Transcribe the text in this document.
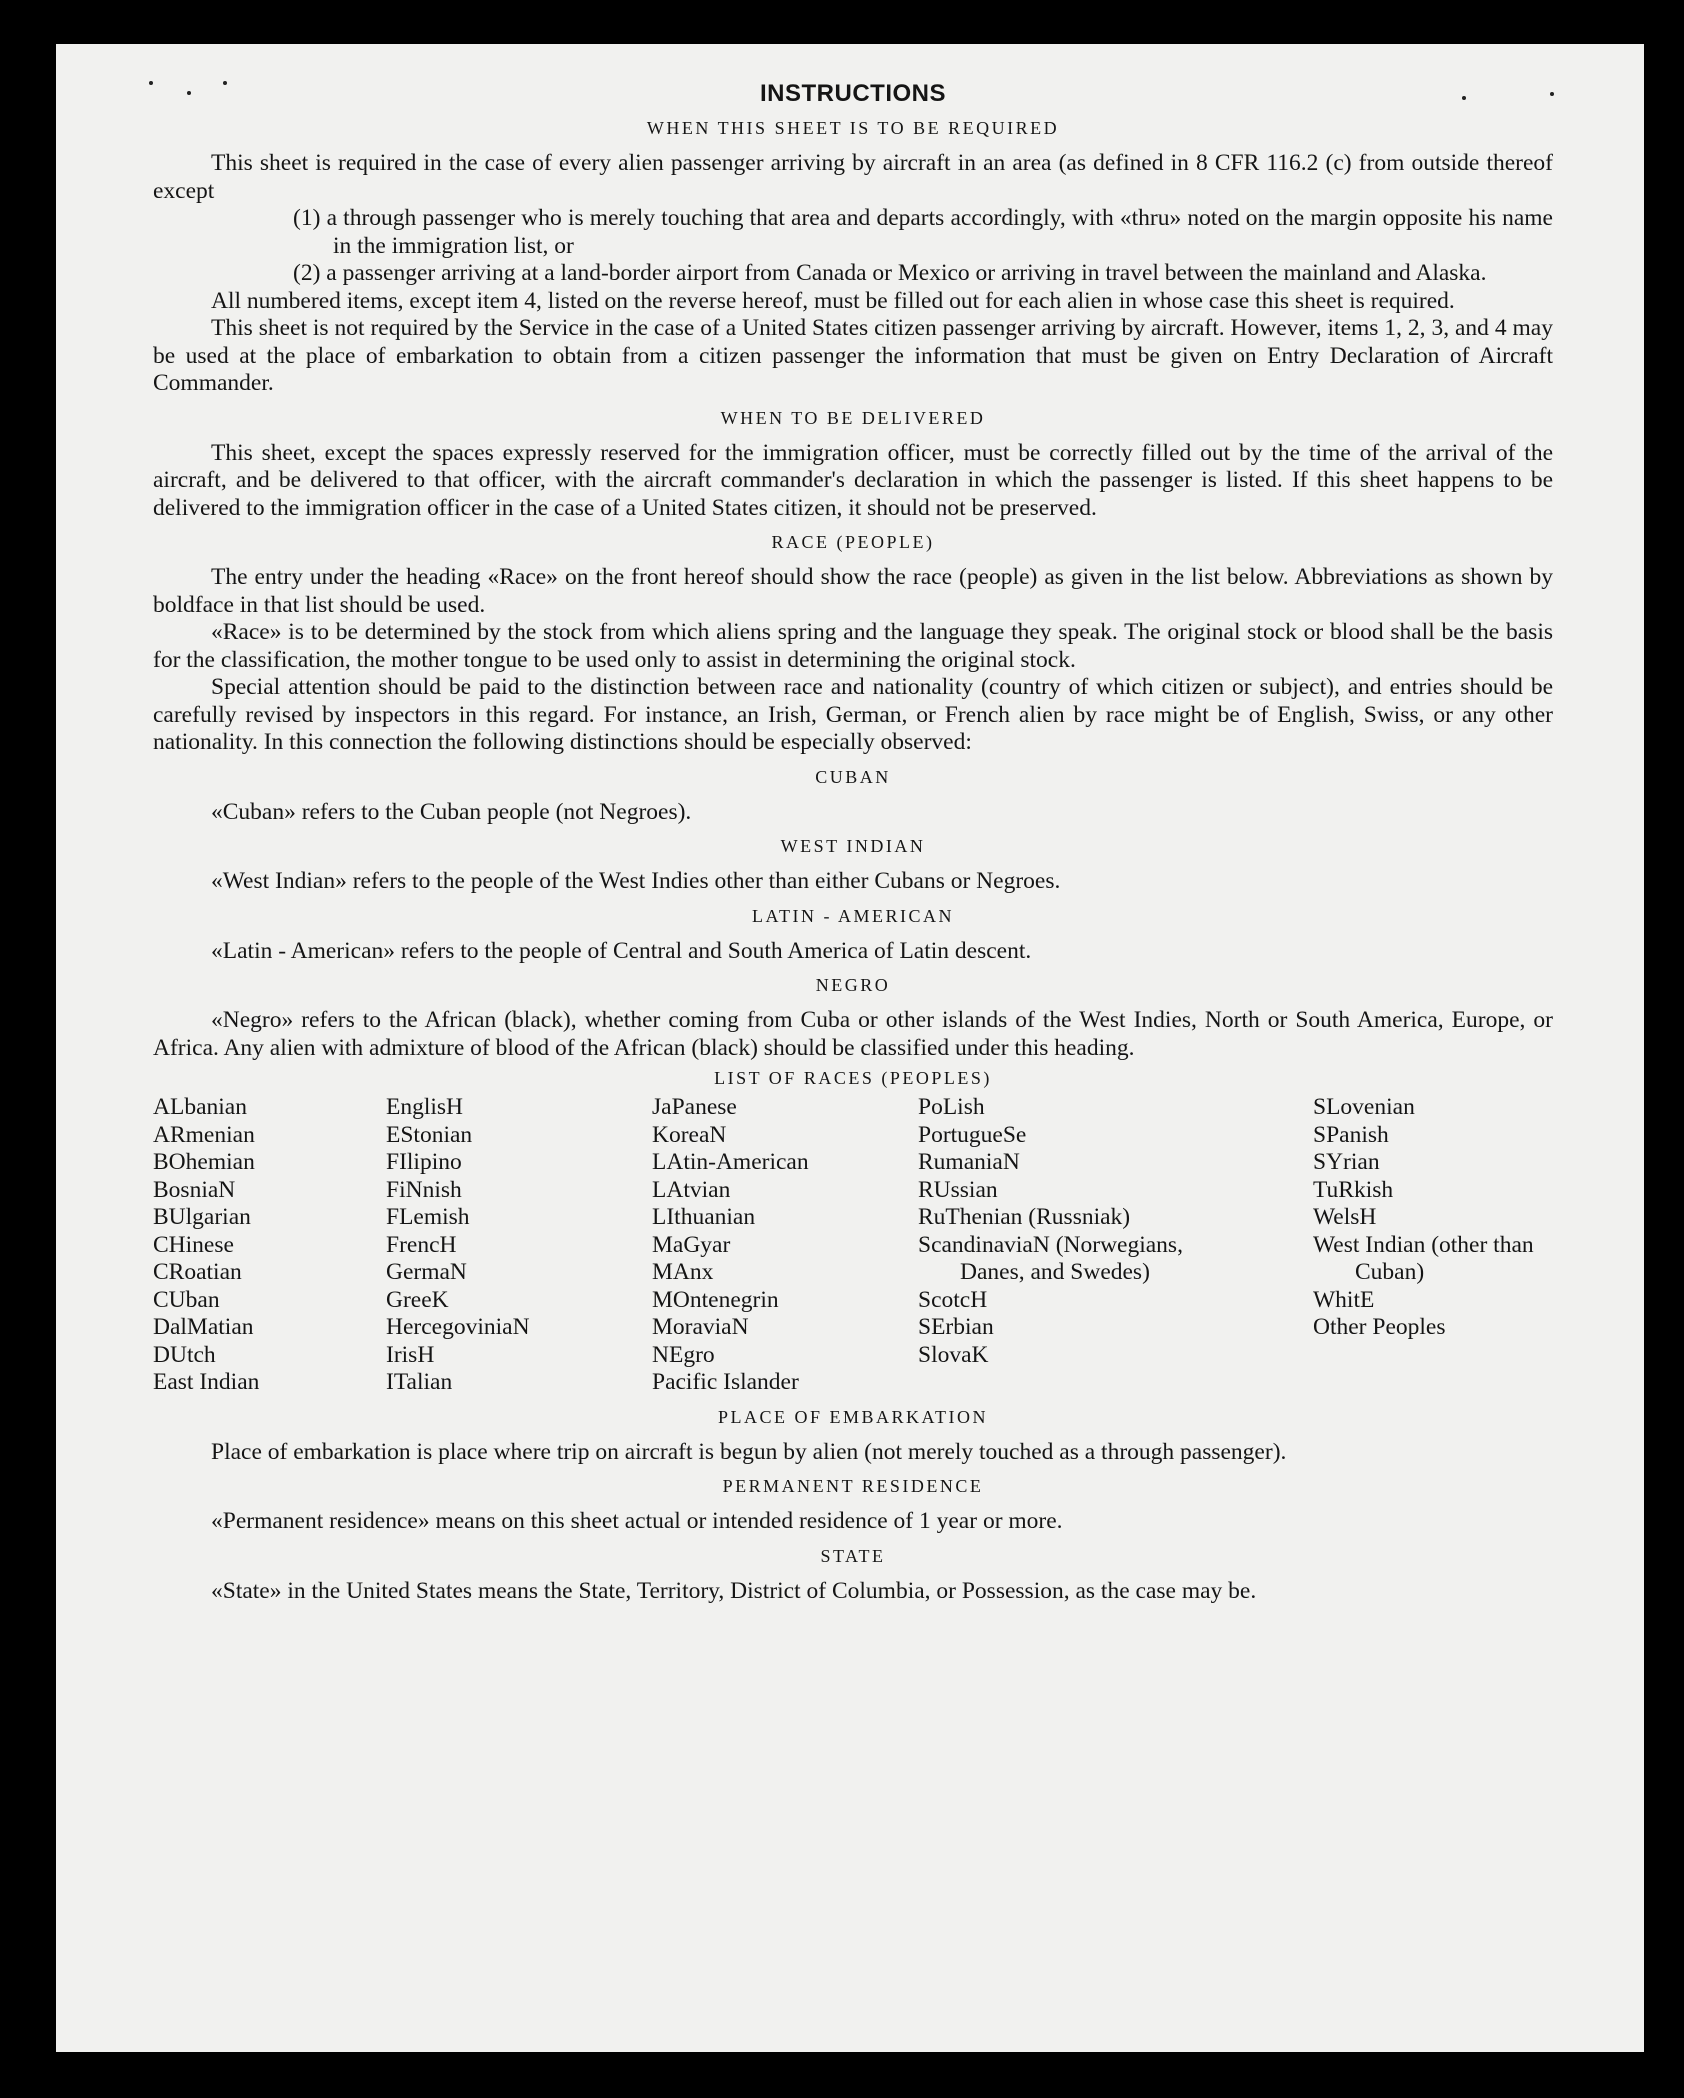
INSTRUCTIONS
WHEN THIS SHEET IS TO BE REQUIRED

This sheet is required in the case of every alien passenger arriving by aircraft in an area (as defined in 8 CFR 116.2 (c) from outside thereof except

(1) a through passenger who is merely touching that area and departs accordingly, with «thru» noted on the margin opposite his name in the immigration list, or

(2) a passenger arriving at a land-border airport from Canada or Mexico or arriving in travel between the mainland and Alaska.

All numbered items, except item 4, listed on the reverse hereof, must be filled out for each alien in whose case this sheet is required.

This sheet is not required by the Service in the case of a United States citizen passenger arriving by aircraft. However, items 1, 2, 3, and 4 may be used at the place of embarkation to obtain from a citizen passenger the information that must be given on Entry Declaration of Aircraft Commander.

WHEN TO BE DELIVERED

This sheet, except the spaces expressly reserved for the immigration officer, must be correctly filled out by the time of the arrival of the aircraft, and be delivered to that officer, with the aircraft commander's declaration in which the passenger is listed. If this sheet happens to be delivered to the immigration officer in the case of a United States citizen, it should not be preserved.

RACE (PEOPLE)

The entry under the heading «Race» on the front hereof should show the race (people) as given in the list below. Abbreviations as shown by boldface in that list should be used.

«Race» is to be determined by the stock from which aliens spring and the language they speak. The original stock or blood shall be the basis for the classification, the mother tongue to be used only to assist in determining the original stock.

Special attention should be paid to the distinction between race and nationality (country of which citizen or subject), and entries should be carefully revised by inspectors in this regard. For instance, an Irish, German, or French alien by race might be of English, Swiss, or any other nationality. In this connection the following distinctions should be especially observed:

CUBAN

«Cuban» refers to the Cuban people (not Negroes).

WEST INDIAN

«West Indian» refers to the people of the West Indies other than either Cubans or Negroes.

LATIN - AMERICAN

«Latin - American» refers to the people of Central and South America of Latin descent.

NEGRO

«Negro» refers to the African (black), whether coming from Cuba or other islands of the West Indies, North or South America, Europe, or Africa. Any alien with admixture of blood of the African (black) should be classified under this heading.

LIST OF RACES (PEOPLES)
ALbanian
ARmenian
BOhemian
BosniaN
BUlgarian
CHinese
CRoatian
CUban
DalMatian
DUtch
East Indian
EnglisH
EStonian
FIlipino
FiNnish
FLemish
FrencH
GermaN
GreeK
HercegoviniaN
IrisH
ITalian
JaPanese
KoreaN
LAtin-American
LAtvian
LIthuanian
MaGyar
MAnx
MOntenegrin
MoraviaN
NEgro
Pacific Islander
PoLish
PortugueSe
RumaniaN
RUssian
RuThenian (Russniak)
ScandinaviaN (Norwegians, Danes, and Swedes)
ScotcH
SErbian
SlovaK
SLovenian
SPanish
SYrian
TuRkish
WelsH
West Indian (other than Cuban)
WhitE
Other Peoples
PLACE OF EMBARKATION

Place of embarkation is place where trip on aircraft is begun by alien (not merely touched as a through passenger).

PERMANENT RESIDENCE

«Permanent residence» means on this sheet actual or intended residence of 1 year or more.

STATE

«State» in the United States means the State, Territory, District of Columbia, or Possession, as the case may be.
